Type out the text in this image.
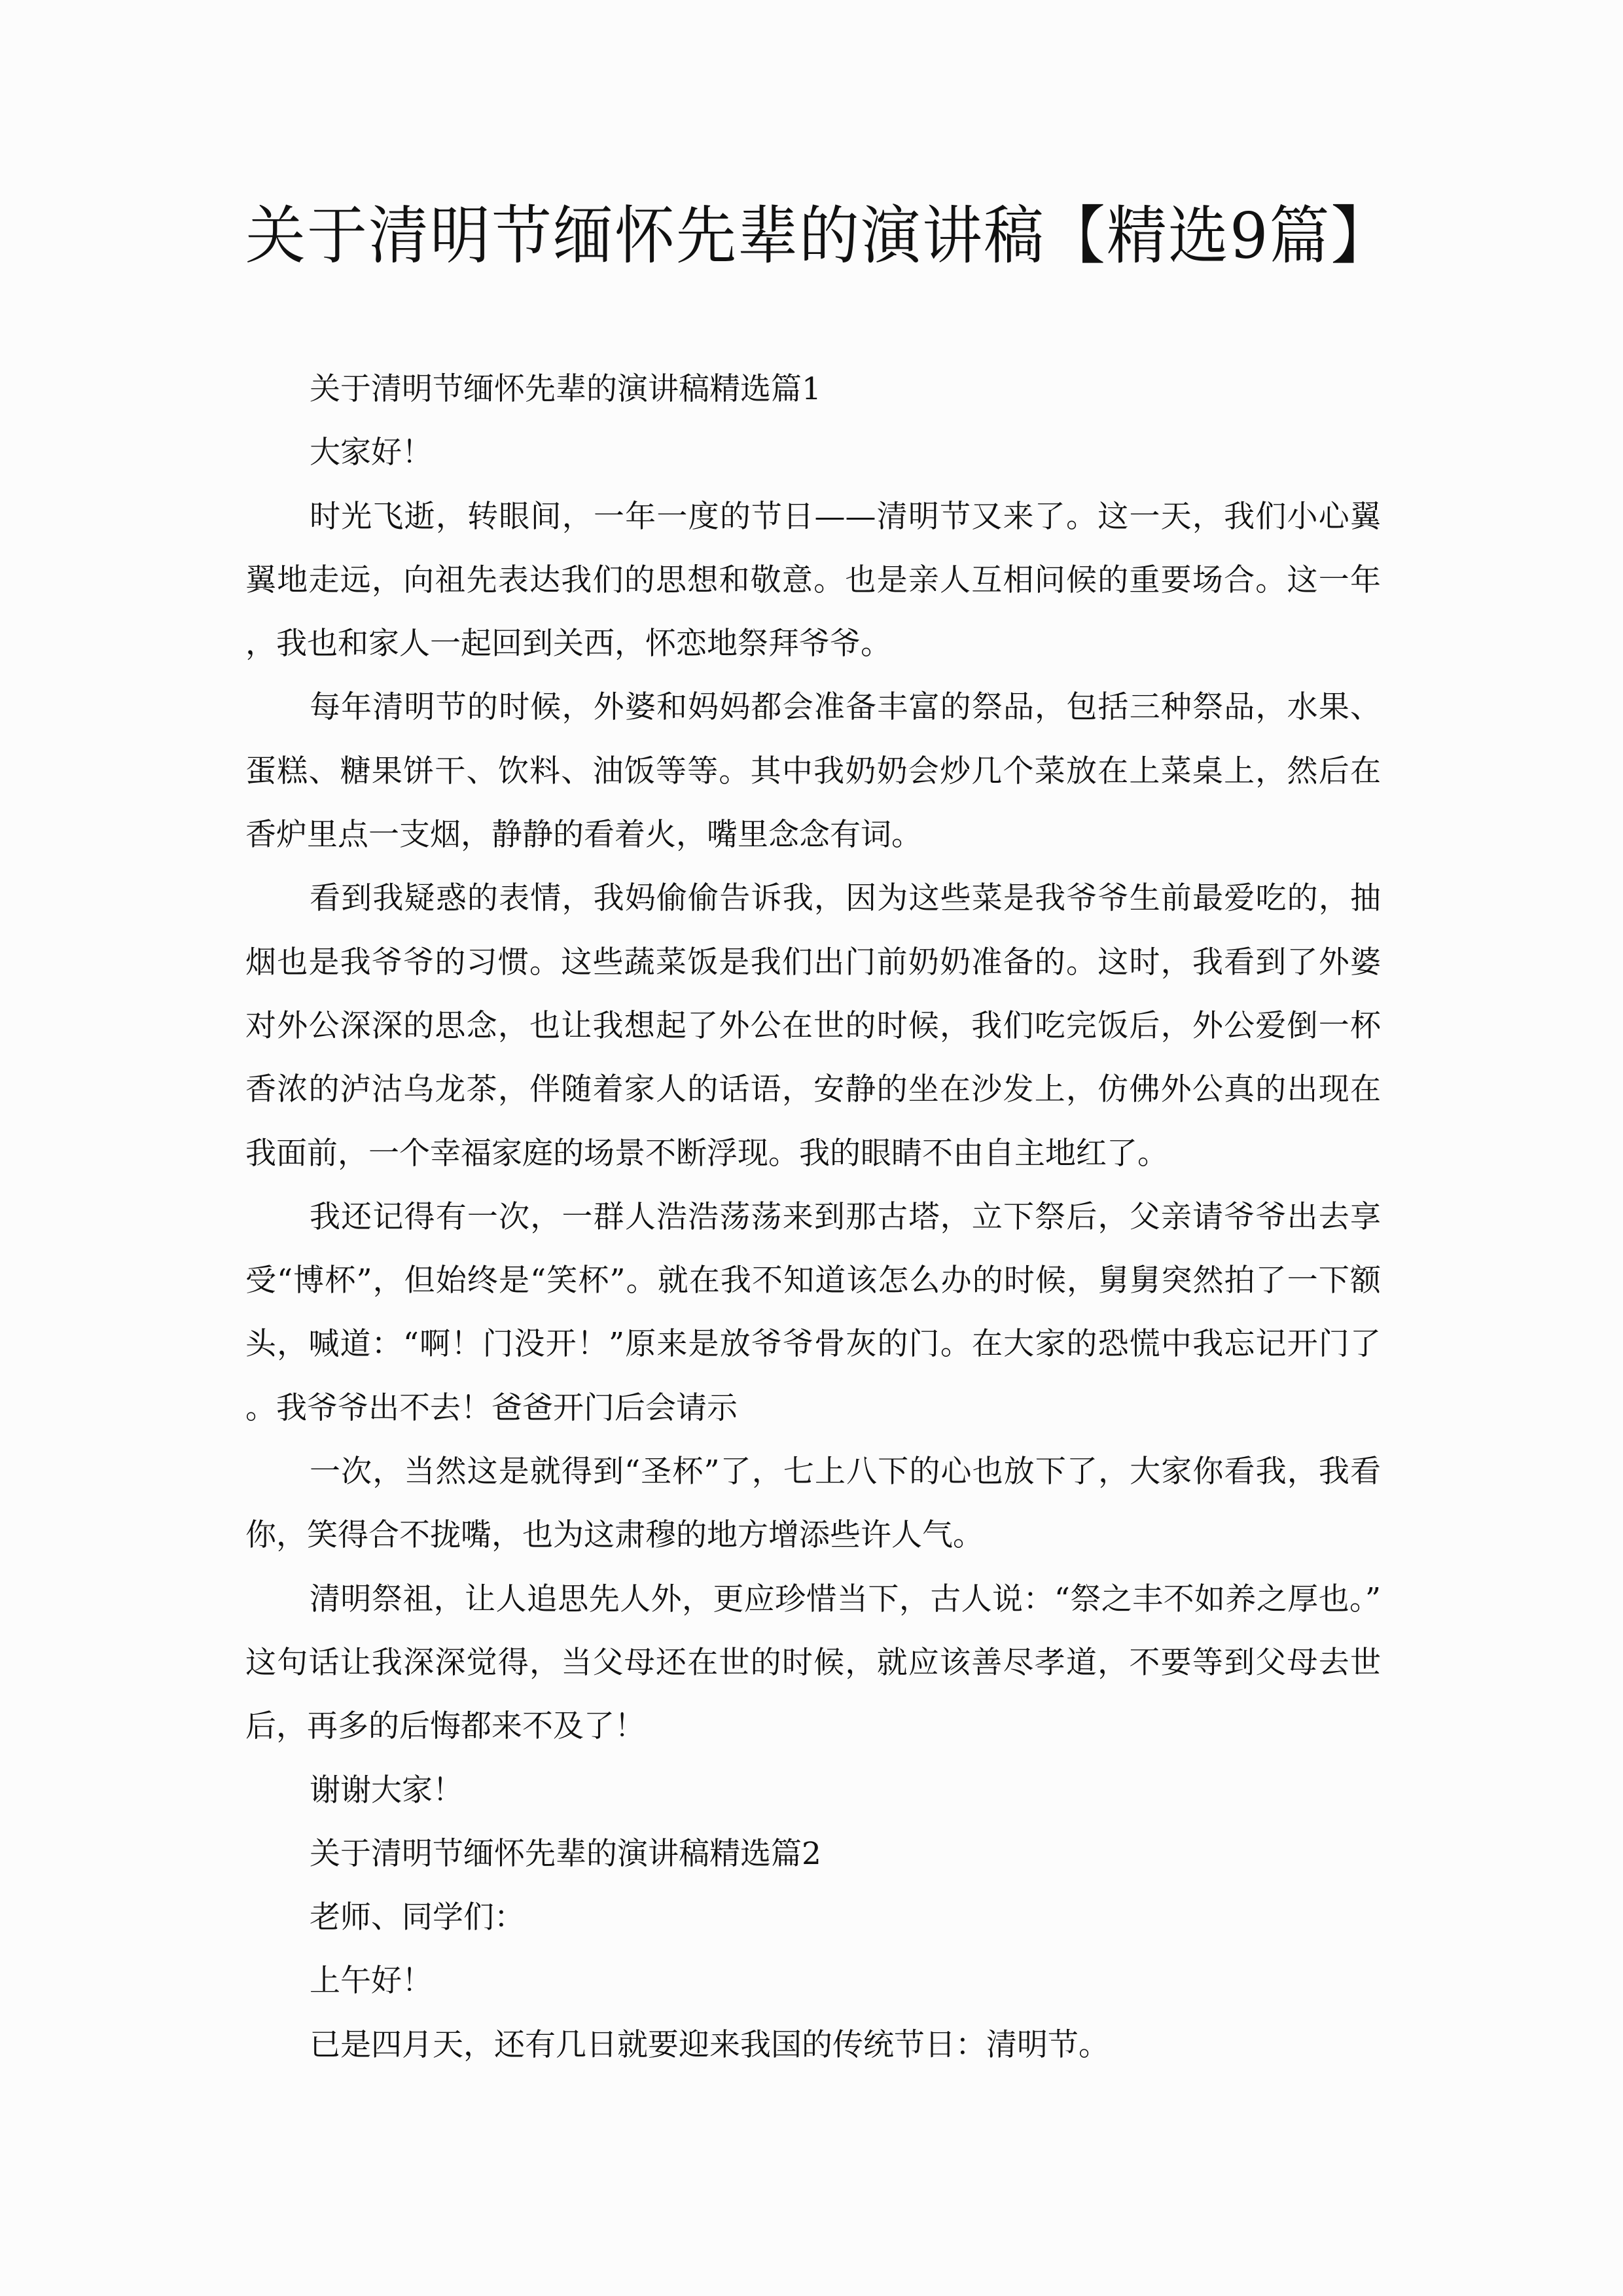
关于清明节缅怀先辈的演讲稿【精选9篇】

关于清明节缅怀先辈的演讲稿精选篇1

大家好！

时光飞逝，转眼间，一年一度的节日——清明节又来了。这一天，我们小心翼翼地走远，向祖先表达我们的思想和敬意。也是亲人互相问候的重要场合。这一年，我也和家人一起回到关西，怀恋地祭拜爷爷。

每年清明节的时候，外婆和妈妈都会准备丰富的祭品，包括三种祭品，水果、蛋糕、糖果饼干、饮料、油饭等等。其中我奶奶会炒几个菜放在上菜桌上，然后在香炉里点一支烟，静静的看着火，嘴里念念有词。

看到我疑惑的表情，我妈偷偷告诉我，因为这些菜是我爷爷生前最爱吃的，抽烟也是我爷爷的习惯。这些蔬菜饭是我们出门前奶奶准备的。这时，我看到了外婆对外公深深的思念，也让我想起了外公在世的时候，我们吃完饭后，外公爱倒一杯香浓的泸沽乌龙茶，伴随着家人的话语，安静的坐在沙发上，仿佛外公真的出现在我面前，一个幸福家庭的场景不断浮现。我的眼睛不由自主地红了。

我还记得有一次，一群人浩浩荡荡来到那古塔，立下祭后，父亲请爷爷出去享受“博杯”，但始终是“笑杯”。就在我不知道该怎么办的时候，舅舅突然拍了一下额头，喊道：“啊！门没开！”原来是放爷爷骨灰的门。在大家的恐慌中我忘记开门了。我爷爷出不去！爸爸开门后会请示

一次，当然这是就得到“圣杯”了，七上八下的心也放下了，大家你看我，我看你，笑得合不拢嘴，也为这肃穆的地方增添些许人气。

清明祭祖，让人追思先人外，更应珍惜当下，古人说：“祭之丰不如养之厚也。”这句话让我深深觉得，当父母还在世的时候，就应该善尽孝道，不要等到父母去世后，再多的后悔都来不及了！

谢谢大家！

关于清明节缅怀先辈的演讲稿精选篇2

老师、同学们：

上午好！

已是四月天，还有几日就要迎来我国的传统节日：清明节。
